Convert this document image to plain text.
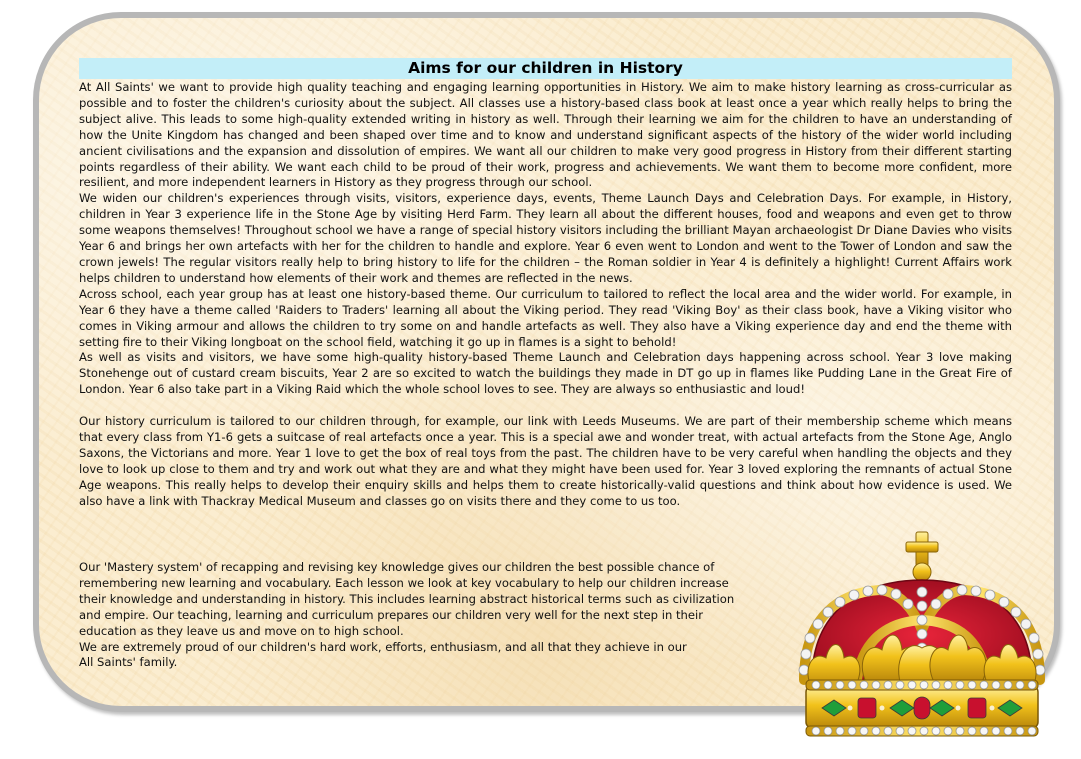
Aims for our children in History

At All Saints' we want to provide high quality teaching and engaging learning opportunities in History. We aim to make history learning as cross-curricular as possible and to foster the children's curiosity about the subject. All classes use a history-based class book at least once a year which really helps to bring the subject alive. This leads to some high-quality extended writing in history as well. Through their learning we aim for the children to have an understanding of how the Unite Kingdom has changed and been shaped over time and to know and understand significant aspects of the history of the wider world including ancient civilisations and the expansion and dissolution of empires. We want all our children to make very good progress in History from their different starting points regardless of their ability. We want each child to be proud of their work, progress and achievements. We want them to become more confident, more resilient, and more independent learners in History as they progress through our school.

We widen our children's experiences through visits, visitors, experience days, events, Theme Launch Days and Celebration Days. For example, in History, children in Year 3 experience life in the Stone Age by visiting Herd Farm. They learn all about the different houses, food and weapons and even get to throw some weapons themselves! Throughout school we have a range of special history visitors including the brilliant Mayan archaeologist Dr Diane Davies who visits Year 6 and brings her own artefacts with her for the children to handle and explore. Year 6 even went to London and went to the Tower of London and saw the crown jewels! The regular visitors really help to bring history to life for the children – the Roman soldier in Year 4 is definitely a highlight! Current Affairs work helps children to understand how elements of their work and themes are reflected in the news.

Across school, each year group has at least one history-based theme. Our curriculum to tailored to reflect the local area and the wider world. For example, in Year 6 they have a theme called 'Raiders to Traders' learning all about the Viking period. They read 'Viking Boy' as their class book, have a Viking visitor who comes in Viking armour and allows the children to try some on and handle artefacts as well. They also have a Viking experience day and end the theme with setting fire to their Viking longboat on the school field, watching it go up in flames is a sight to behold!

As well as visits and visitors, we have some high-quality history-based Theme Launch and Celebration days happening across school. Year 3 love making Stonehenge out of custard cream biscuits, Year 2 are so excited to watch the buildings they made in DT go up in flames like Pudding Lane in the Great Fire of London. Year 6 also take part in a Viking Raid which the whole school loves to see. They are always so enthusiastic and loud!

Our history curriculum is tailored to our children through, for example, our link with Leeds Museums. We are part of their membership scheme which means that every class from Y1-6 gets a suitcase of real artefacts once a year. This is a special awe and wonder treat, with actual artefacts from the Stone Age, Anglo Saxons, the Victorians and more. Year 1 love to get the box of real toys from the past. The children have to be very careful when handling the objects and they love to look up close to them and try and work out what they are and what they might have been used for. Year 3 loved exploring the remnants of actual Stone Age weapons. This really helps to develop their enquiry skills and helps them to create historically-valid questions and think about how evidence is used. We also have a link with Thackray Medical Museum and classes go on visits there and they come to us too.

Our 'Mastery system' of recapping and revising key knowledge gives our children the best possible chance of

remembering new learning and vocabulary. Each lesson we look at key vocabulary to help our children increase

their knowledge and understanding in history. This includes learning abstract historical terms such as civilization

and empire. Our teaching, learning and curriculum prepares our children very well for the next step in their

education as they leave us and move on to high school.

We are extremely proud of our children's hard work, efforts, enthusiasm, and all that they achieve in our

All Saints' family.
